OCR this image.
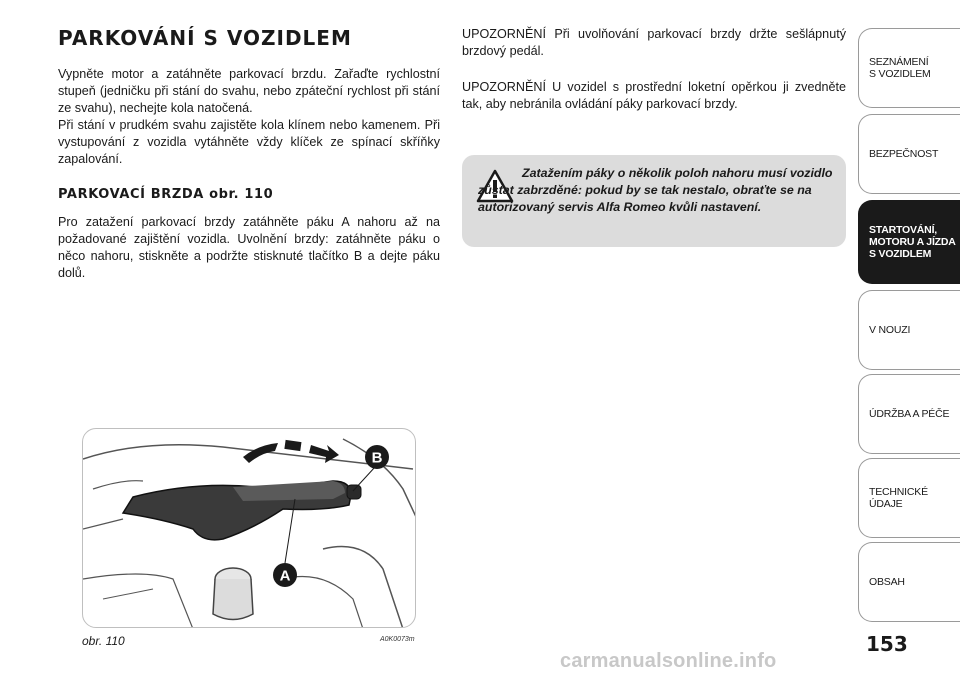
PARKOVÁNÍ S VOZIDLEM

Vypněte motor a zatáhněte parkovací brzdu. Zařaďte rychlostní stupeň (jedničku při stání do svahu, nebo zpáteční rychlost při stání ze svahu), nechejte kola natočená.
Při stání v prudkém svahu zajistěte kola klínem nebo kamenem. Při vystupování z vozidla vytáhněte vždy klíček ze spínací skříňky zapalování.

PARKOVACÍ BRZDA obr. 110

Pro zatažení parkovací brzdy zatáhněte páku A nahoru až na požadované zajištění vozidla. Uvolnění brzdy: zatáhněte páku o něco nahoru, stiskněte a podržte stisknuté tlačítko B a dejte páku dolů.

UPOZORNĚNÍ Při uvolňování parkovací brzdy držte sešlápnutý brzdový pedál.

UPOZORNĚNÍ U vozidel s prostřední loketní opěrkou ji zvedněte tak, aby nebránila ovládání páky parkovací brzdy.

Zatažením páky o několik poloh nahoru musí vozidlo zůstat zabrzděné: pokud by se tak nestalo, obraťte se na autorizovaný servis Alfa Romeo kvůli nastavení.

B
A
obr. 110	A0K0073m	153
carmanualsonline.info
SEZNÁMENÍ
S VOZIDLEM
BEZPEČNOST
STARTOVÁNÍ,
MOTORU A JÍZDA
S VOZIDLEM
V NOUZI
ÚDRŽBA A PÉČE
TECHNICKÉ
ÚDAJE
OBSAH
